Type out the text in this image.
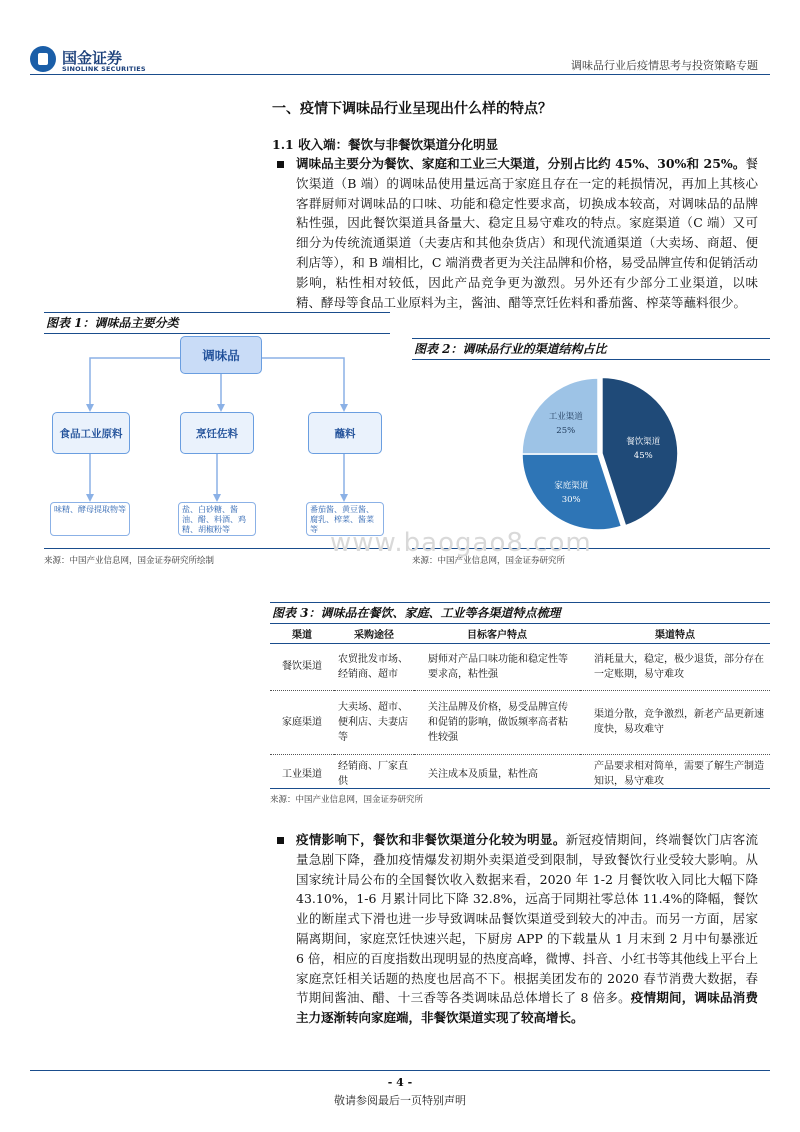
国金证券
SINOLINK SECURITIES	调味品行业后疫情思考与投资策略专题
一、疫情下调味品行业呈现出什么样的特点？
1.1 收入端：餐饮与非餐饮渠道分化明显
调味品主要分为餐饮、家庭和工业三大渠道，分别占比约 45%、30%和 25%。餐饮渠道（B 端）的调味品使用量远高于家庭且存在一定的耗损情况，再加上其核心客群厨师对调味品的口味、功能和稳定性要求高，切换成本较高，对调味品的品牌粘性强，因此餐饮渠道具备量大、稳定且易守难攻的特点。家庭渠道（C 端）又可细分为传统流通渠道（夫妻店和其他杂货店）和现代流通渠道（大卖场、商超、便利店等），和 B 端相比，C 端消费者更为关注品牌和价格，易受品牌宣传和促销活动影响，粘性相对较低，因此产品竞争更为激烈。另外还有少部分工业渠道，以味精、酵母等食品工业原料为主，酱油、醋等烹饪佐料和番茄酱、榨菜等蘸料很少。
图表 1：调味品主要分类
调味品
食品工业原料	烹饪佐料	蘸料
味精、酵母提取物等	盐、白砂糖、酱油、醋、料酒、鸡精、胡椒粉等
番茄酱、黄豆酱、腐乳、榨菜、酱菜等
来源：中国产业信息网，国金证券研究所绘制
图表 2：调味品行业的渠道结构占比
餐饮渠道
45%
家庭渠道
30%
工业渠道
25%
来源：中国产业信息网，国金证券研究所
www.baogao8.com
图表 3：调味品在餐饮、家庭、工业等各渠道特点梳理
渠道	采购途径	目标客户特点	渠道特点
餐饮渠道	农贸批发市场、经销商、超市	厨师对产品口味功能和稳定性等要求高，粘性强	消耗量大，稳定，极少退货，部分存在一定账期，易守难攻
家庭渠道	大卖场、超市、便利店、夫妻店等	关注品牌及价格，易受品牌宣传和促销的影响，做饭频率高者粘性较强	渠道分散，竞争激烈，新老产品更新速度快，易攻难守
工业渠道	经销商、厂家直供	关注成本及质量，粘性高	产品要求相对简单，需要了解生产制造知识，易守难攻
来源：中国产业信息网，国金证券研究所
疫情影响下，餐饮和非餐饮渠道分化较为明显。新冠疫情期间，终端餐饮门店客流量急剧下降，叠加疫情爆发初期外卖渠道受到限制，导致餐饮行业受较大影响。从国家统计局公布的全国餐饮收入数据来看，2020 年 1-2 月餐饮收入同比大幅下降 43.10%，1-6 月累计同比下降 32.8%，远高于同期社零总体 11.4%的降幅，餐饮业的断崖式下滑也进一步导致调味品餐饮渠道受到较大的冲击。而另一方面，居家隔离期间，家庭烹饪快速兴起，下厨房 APP 的下载量从 1 月末到 2 月中旬暴涨近 6 倍，相应的百度指数出现明显的热度高峰，微博、抖音、小红书等其他线上平台上家庭烹饪相关话题的热度也居高不下。根据美团发布的 2020 春节消费大数据，春节期间酱油、醋、十三香等各类调味品总体增长了 8 倍多。疫情期间，调味品消费主力逐渐转向家庭端，非餐饮渠道实现了较高增长。
- 4 -
敬请参阅最后一页特别声明
